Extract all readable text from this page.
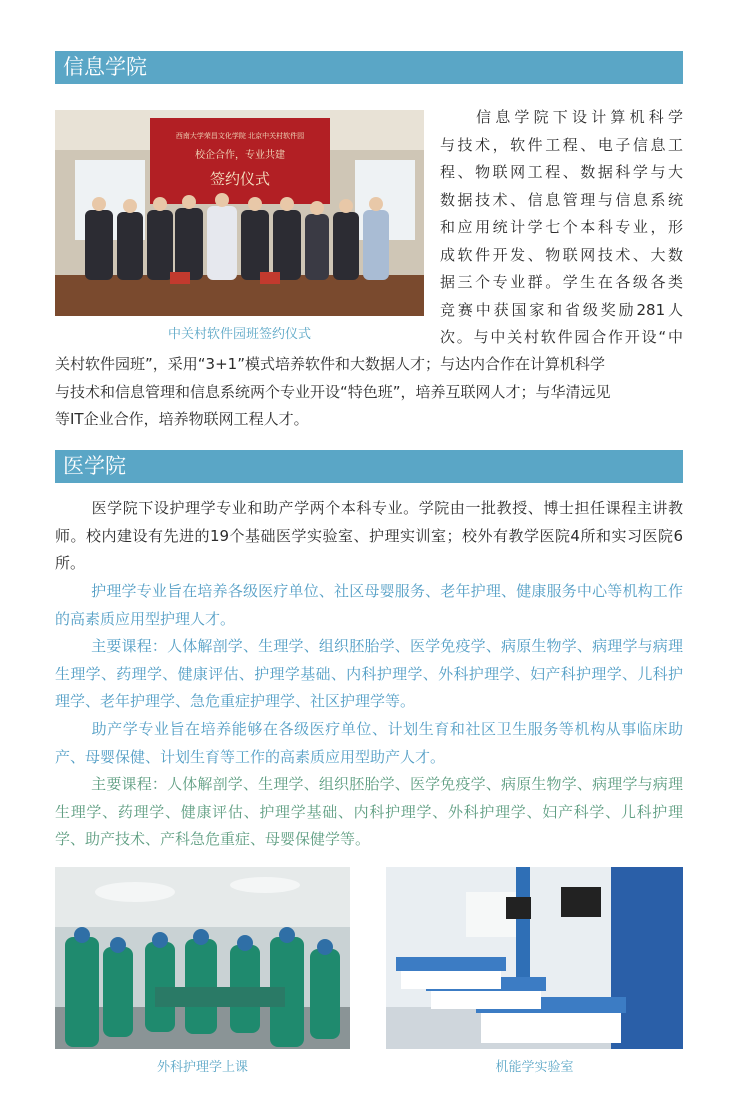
信息学院
西南大学荣昌文化学院 北京中关村软件园
校企合作，专业共建
签约仪式
中关村软件园班签约仪式
信息学院下设计算机科学
与技术，软件工程、电子信息工
程、物联网工程、数据科学与大
数据技术、信息管理与信息系统
和应用统计学七个本科专业，形
成软件开发、物联网技术、大数
据三个专业群。学生在各级各类
竞赛中获国家和省级奖励281人
次。与中关村软件园合作开设“中
关村软件园班”，采用“3+1”模式培养软件和大数据人才；与达内合作在计算机科学
与技术和信息管理和信息系统两个专业开设“特色班”，培养互联网人才；与华清远见
等IT企业合作，培养物联网工程人才。
医学院

医学院下设护理学专业和助产学两个本科专业。学院由一批教授、博士担任课程主讲教师。校内建设有先进的19个基础医学实验室、护理实训室；校外有教学医院4所和实习医院6所。

护理学专业旨在培养各级医疗单位、社区母婴服务、老年护理、健康服务中心等机构工作的高素质应用型护理人才。

主要课程：人体解剖学、生理学、组织胚胎学、医学免疫学、病原生物学、病理学与病理生理学、药理学、健康评估、护理学基础、内科护理学、外科护理学、妇产科护理学、儿科护理学、老年护理学、急危重症护理学、社区护理学等。

助产学专业旨在培养能够在各级医疗单位、计划生育和社区卫生服务等机构从事临床助产、母婴保健、计划生育等工作的高素质应用型助产人才。

主要课程：人体解剖学、生理学、组织胚胎学、医学免疫学、病原生物学、病理学与病理生理学、药理学、健康评估、护理学基础、内科护理学、外科护理学、妇产科学、儿科护理学、助产技术、产科急危重症、母婴保健学等。

外科护理学上课	机能学实验室
